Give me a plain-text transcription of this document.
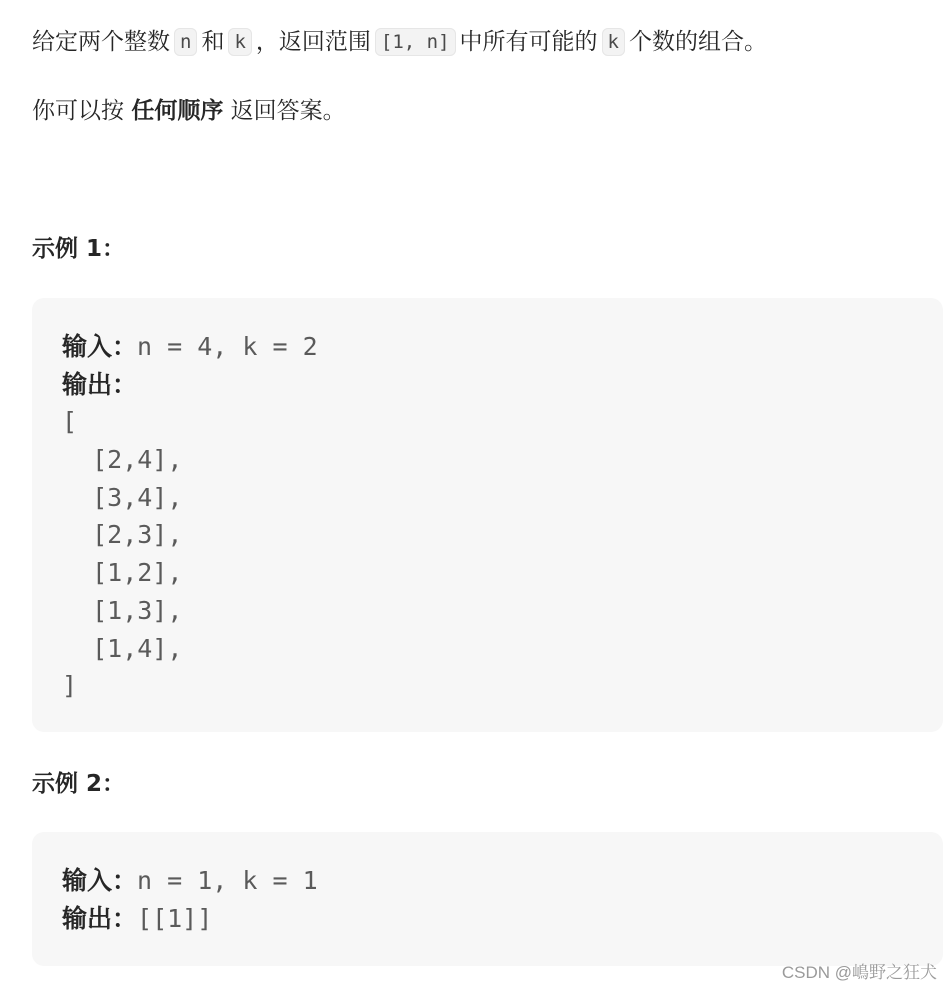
给定两个整数 n 和 k ，返回范围 [1, n] 中所有可能的 k 个数的组合。

你可以按 任何顺序 返回答案。

示例 1：

输入：n = 4, k = 2
输出：
[
[2,4],
[3,4],
[2,3],
[1,2],
[1,3],
[1,4],
]

示例 2：

输入：n = 1, k = 1
输出：[[1]]
CSDN @嶋野之狂犬
